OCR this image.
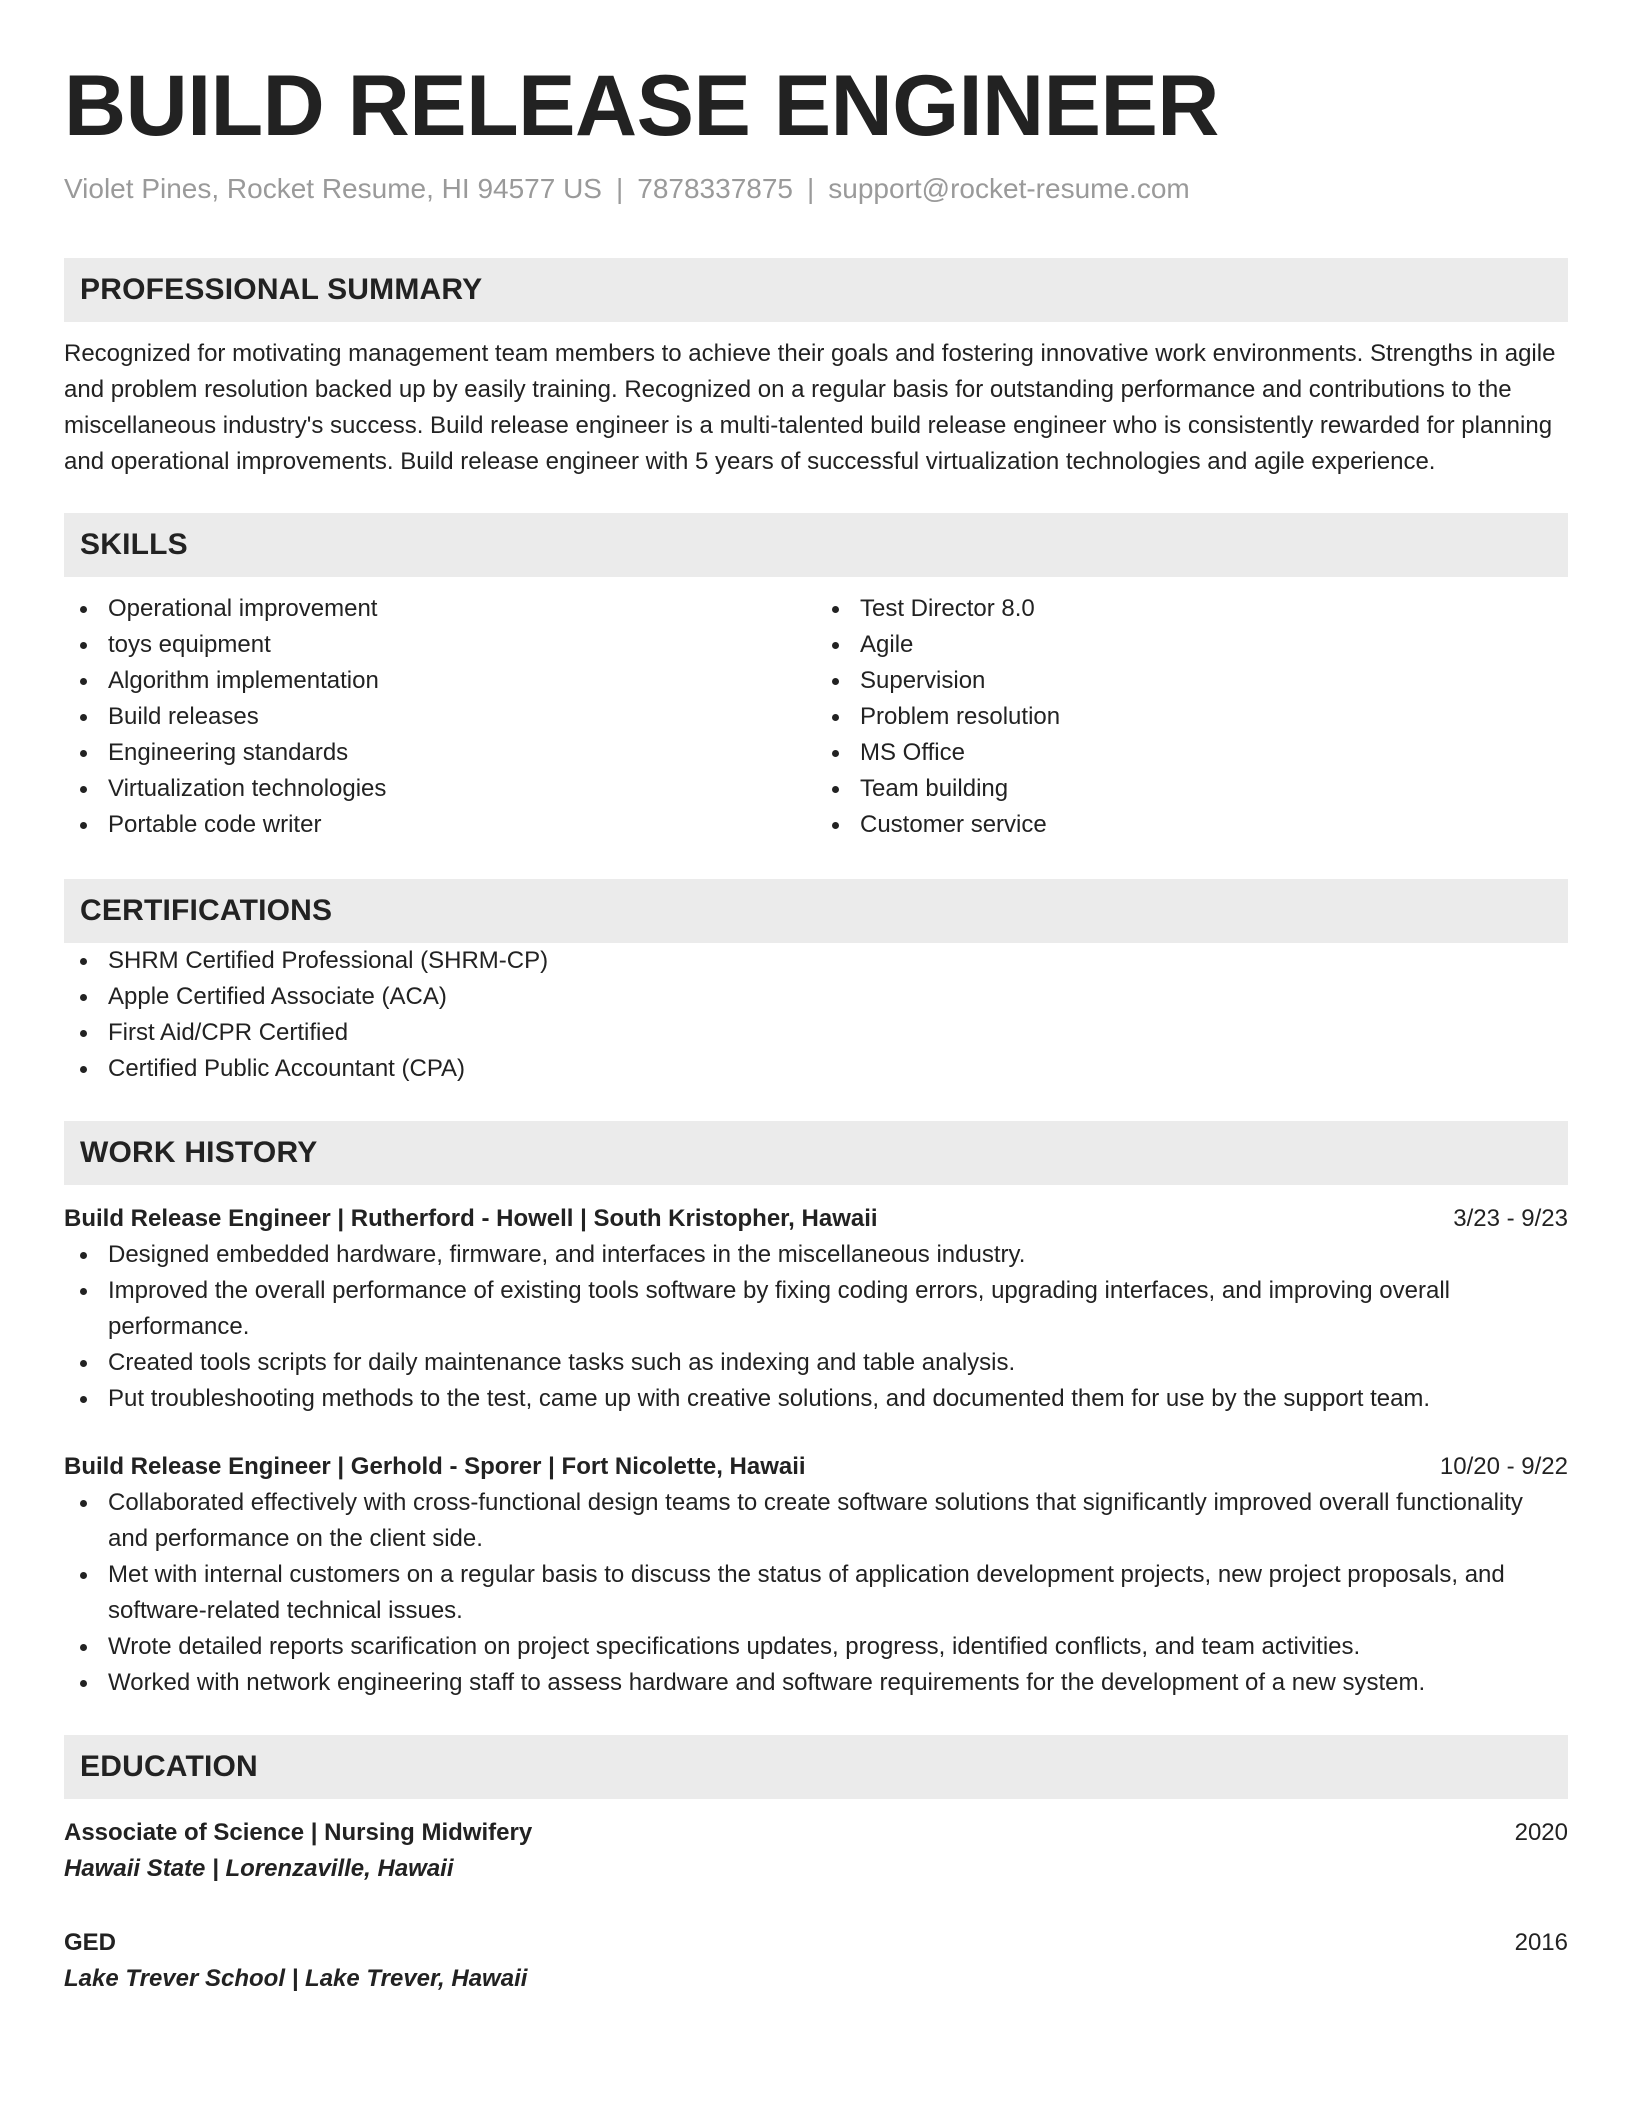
BUILD RELEASE ENGINEER
Violet Pines, Rocket Resume, HI 94577 US | 7878337875 | support@rocket-resume.com
PROFESSIONAL SUMMARY

Recognized for motivating management team members to achieve their goals and fostering innovative work environments. Strengths in agile and problem resolution backed up by easily training. Recognized on a regular basis for outstanding performance and contributions to the miscellaneous industry's success. Build release engineer is a multi-talented build release engineer who is consistently rewarded for planning and operational improvements. Build release engineer with 5 years of successful virtualization technologies and agile experience.

SKILLS
Operational improvement
toys equipment
Algorithm implementation
Build releases
Engineering standards
Virtualization technologies
Portable code writer
Test Director 8.0
Agile
Supervision
Problem resolution
MS Office
Team building
Customer service
CERTIFICATIONS
SHRM Certified Professional (SHRM-CP)
Apple Certified Associate (ACA)
First Aid/CPR Certified
Certified Public Accountant (CPA)
WORK HISTORY
Build Release Engineer | Rutherford - Howell | South Kristopher, Hawaii	3/23 - 9/23
Designed embedded hardware, firmware, and interfaces in the miscellaneous industry.
Improved the overall performance of existing tools software by fixing coding errors, upgrading interfaces, and improving overall performance.
Created tools scripts for daily maintenance tasks such as indexing and table analysis.
Put troubleshooting methods to the test, came up with creative solutions, and documented them for use by the support team.
Build Release Engineer | Gerhold - Sporer | Fort Nicolette, Hawaii	10/20 - 9/22
Collaborated effectively with cross-functional design teams to create software solutions that significantly improved overall functionality and performance on the client side.
Met with internal customers on a regular basis to discuss the status of application development projects, new project proposals, and software-related technical issues.
Wrote detailed reports scarification on project specifications updates, progress, identified conflicts, and team activities.
Worked with network engineering staff to assess hardware and software requirements for the development of a new system.
EDUCATION
Associate of Science | Nursing Midwifery	2020
Hawaii State | Lorenzaville, Hawaii
GED	2016
Lake Trever School | Lake Trever, Hawaii
